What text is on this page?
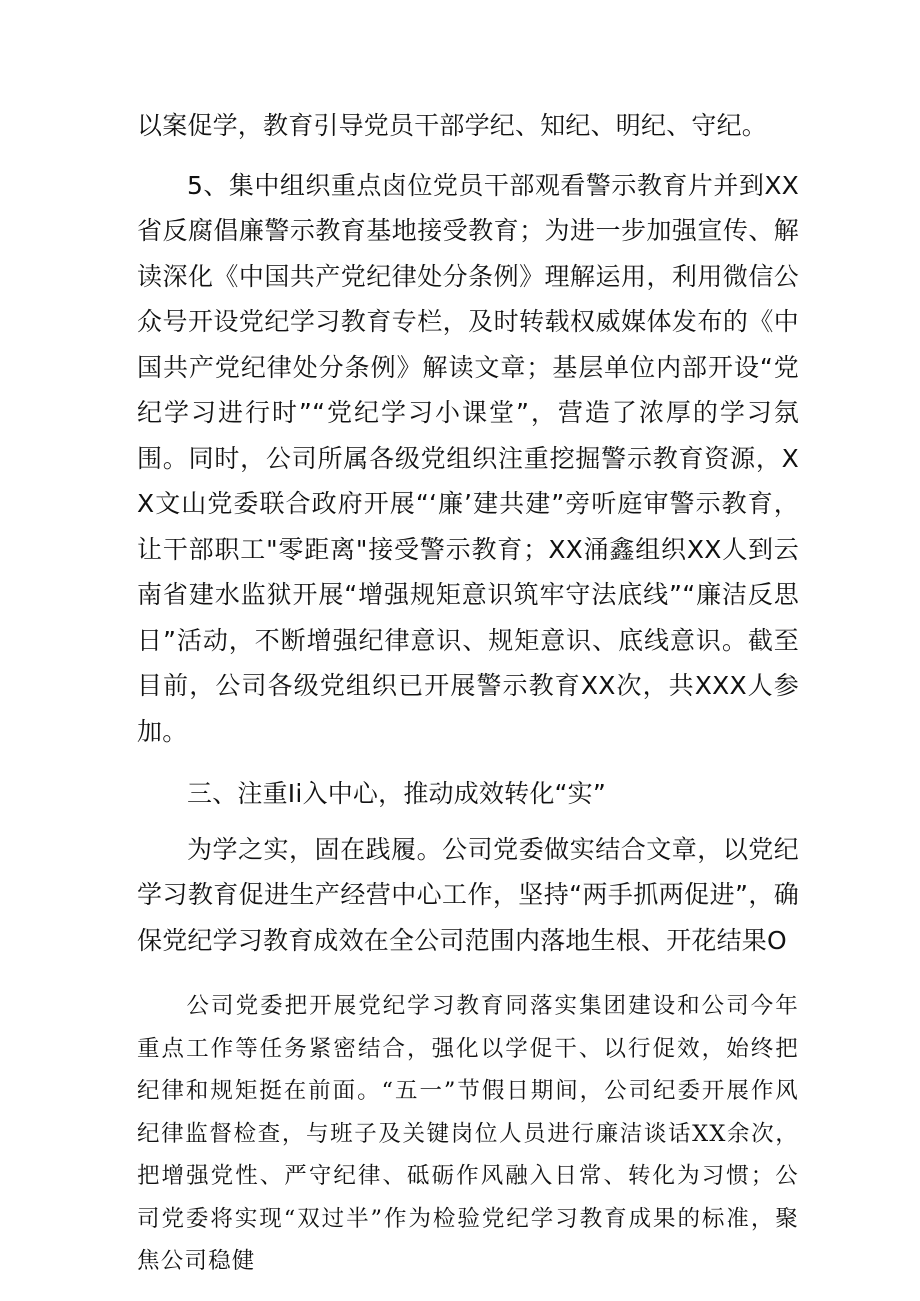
以案促学，教育引导党员干部学纪、知纪、明纪、守纪。

5、集中组织重点卤位党员干部观看警示教育片并到XX省反腐倡廉警示教育基地接受教育；为进一步加强宣传、解读深化《中国共产党纪律处分条例》理解运用，利用微信公众号开设党纪学习教育专栏，及时转载权威媒体发布的《中国共产党纪律处分条例》解读文章；基层单位内部开设“党纪学习进行时”“党纪学习小课堂”，营造了浓厚的学习氛围。同时，公司所属各级党组织注重挖掘警示教育资源，XX文山党委联合政府开展“‘廉’建共建”旁听庭审警示教育，让干部职工"零距离"接受警示教育；XX涌鑫组织XX人到云南省建水监狱开展“增强规矩意识筑牢守法底线”“廉洁反思日”活动，不断增强纪律意识、规矩意识、底线意识。截至目前，公司各级党组织已开展警示教育XX次，共XXX人参加。

三、注重Ii入中心，推动成效转化“实”

为学之实，固在践履。公司党委做实结合文章，以党纪学习教育促进生产经营中心工作，坚持“两手抓两促进”，确保党纪学习教育成效在全公司范围内落地生根、开花结果O

公司党委把开展党纪学习教育同落实集团建设和公司今年重点工作等任务紧密结合，强化以学促干、以行促效，始终把纪律和规矩挺在前面。“五一”节假日期间，公司纪委开展作风纪律监督检查，与班子及关键岗位人员进行廉洁谈话XX余次，把增强党性、严守纪律、砥砺作风融入日常、转化为习惯；公司党委将实现“双过半”作为检验党纪学习教育成果的标准，聚焦公司稳健
